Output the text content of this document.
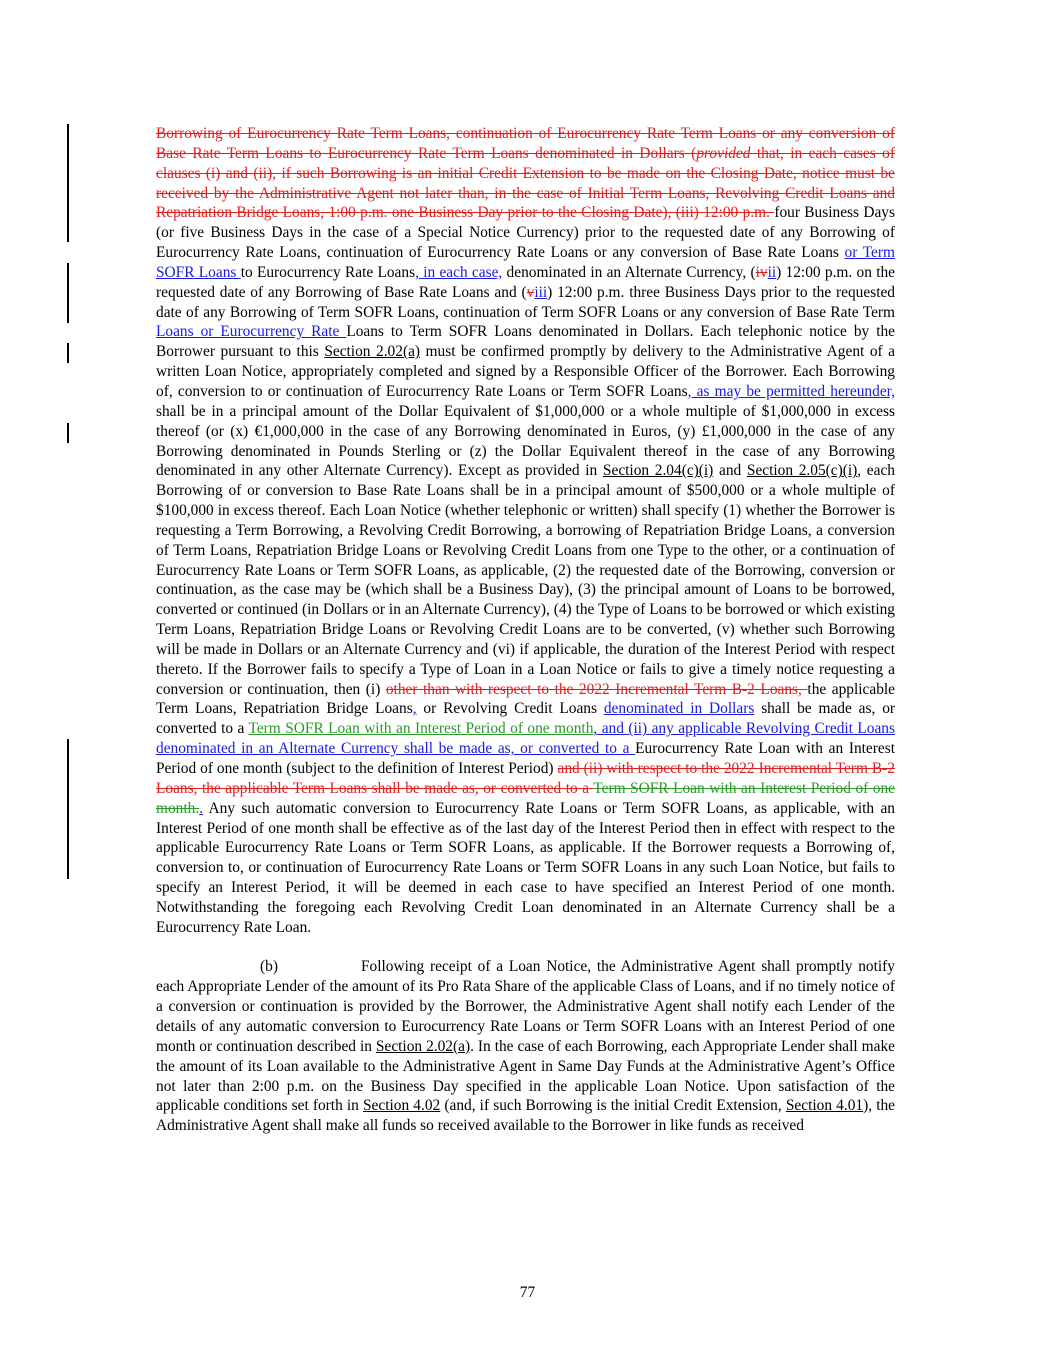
Borrowing of Eurocurrency Rate Term Loans, continuation of Eurocurrency Rate Term Loans or any conversion of Base Rate Term Loans to Eurocurrency Rate Term Loans denominated in Dollars (provided that, in each cases of clauses (i) and (ii), if such Borrowing is an initial Credit Extension to be made on the Closing Date, notice must be received by the Administrative Agent not later than, in the case of Initial Term Loans, Revolving Credit Loans and Repatriation Bridge Loans, 1:00 p.m. one Business Day prior to the Closing Date), (iii) 12:00 p.m. four Business Days (or five Business Days in the case of a Special Notice Currency) prior to the requested date of any Borrowing of Eurocurrency Rate Loans, continuation of Eurocurrency Rate Loans or any conversion of Base Rate Loans or Term SOFR Loans to Eurocurrency Rate Loans, in each case, denominated in an Alternate Currency, (ivii) 12:00 p.m. on the requested date of any Borrowing of Base Rate Loans and (viii) 12:00 p.m. three Business Days prior to the requested date of any Borrowing of Term SOFR Loans, continuation of Term SOFR Loans or any conversion of Base Rate Term Loans or Eurocurrency Rate Loans to Term SOFR Loans denominated in Dollars. Each telephonic notice by the Borrower pursuant to this Section 2.02(a) must be confirmed promptly by delivery to the Administrative Agent of a written Loan Notice, appropriately completed and signed by a Responsible Officer of the Borrower. Each Borrowing of, conversion to or continuation of Eurocurrency Rate Loans or Term SOFR Loans, as may be permitted hereunder, shall be in a principal amount of the Dollar Equivalent of $1,000,000 or a whole multiple of $1,000,000 in excess thereof (or (x) €1,000,000 in the case of any Borrowing denominated in Euros, (y) £1,000,000 in the case of any Borrowing denominated in Pounds Sterling or (z) the Dollar Equivalent thereof in the case of any Borrowing denominated in any other Alternate Currency). Except as provided in Section 2.04(c)(i) and Section 2.05(c)(i), each Borrowing of or conversion to Base Rate Loans shall be in a principal amount of $500,000 or a whole multiple of $100,000 in excess thereof. Each Loan Notice (whether telephonic or written) shall specify (1) whether the Borrower is requesting a Term Borrowing, a Revolving Credit Borrowing, a borrowing of Repatriation Bridge Loans, a conversion of Term Loans, Repatriation Bridge Loans or Revolving Credit Loans from one Type to the other, or a continuation of Eurocurrency Rate Loans or Term SOFR Loans, as applicable, (2) the requested date of the Borrowing, conversion or continuation, as the case may be (which shall be a Business Day), (3) the principal amount of Loans to be borrowed, converted or continued (in Dollars or in an Alternate Currency), (4) the Type of Loans to be borrowed or which existing Term Loans, Repatriation Bridge Loans or Revolving Credit Loans are to be converted, (v) whether such Borrowing will be made in Dollars or an Alternate Currency and (vi) if applicable, the duration of the Interest Period with respect thereto. If the Borrower fails to specify a Type of Loan in a Loan Notice or fails to give a timely notice requesting a conversion or continuation, then (i) other than with respect to the 2022 Incremental Term B-2 Loans, the applicable Term Loans, Repatriation Bridge Loans, or Revolving Credit Loans denominated in Dollars shall be made as, or converted to a Term SOFR Loan with an Interest Period of one month, and (ii) any applicable Revolving Credit Loans denominated in an Alternate Currency shall be made as, or converted to a Eurocurrency Rate Loan with an Interest Period of one month (subject to the definition of Interest Period) and (ii) with respect to the 2022 Incremental Term B-2 Loans, the applicable Term Loans shall be made as, or converted to a Term SOFR Loan with an Interest Period of one month.. Any such automatic conversion to Eurocurrency Rate Loans or Term SOFR Loans, as applicable, with an Interest Period of one month shall be effective as of the last day of the Interest Period then in effect with respect to the applicable Eurocurrency Rate Loans or Term SOFR Loans, as applicable. If the Borrower requests a Borrowing of, conversion to, or continuation of Eurocurrency Rate Loans or Term SOFR Loans in any such Loan Notice, but fails to specify an Interest Period, it will be deemed in each case to have specified an Interest Period of one month. Notwithstanding the foregoing each Revolving Credit Loan denominated in an Alternate Currency shall be a Eurocurrency Rate Loan.

(b)	Following receipt of a Loan Notice, the Administrative Agent shall promptly notify each Appropriate Lender of the amount of its Pro Rata Share of the applicable Class of Loans, and if no timely notice of a conversion or continuation is provided by the Borrower, the Administrative Agent shall notify each Lender of the details of any automatic conversion to Eurocurrency Rate Loans or Term SOFR Loans with an Interest Period of one month or continuation described in Section 2.02(a). In the case of each Borrowing, each Appropriate Lender shall make the amount of its Loan available to the Administrative Agent in Same Day Funds at the Administrative Agent’s Office not later than 2:00 p.m. on the Business Day specified in the applicable Loan Notice. Upon satisfaction of the applicable conditions set forth in Section 4.02 (and, if such Borrowing is the initial Credit Extension, Section 4.01), the Administrative Agent shall make all funds so received available to the Borrower in like funds as received

77
